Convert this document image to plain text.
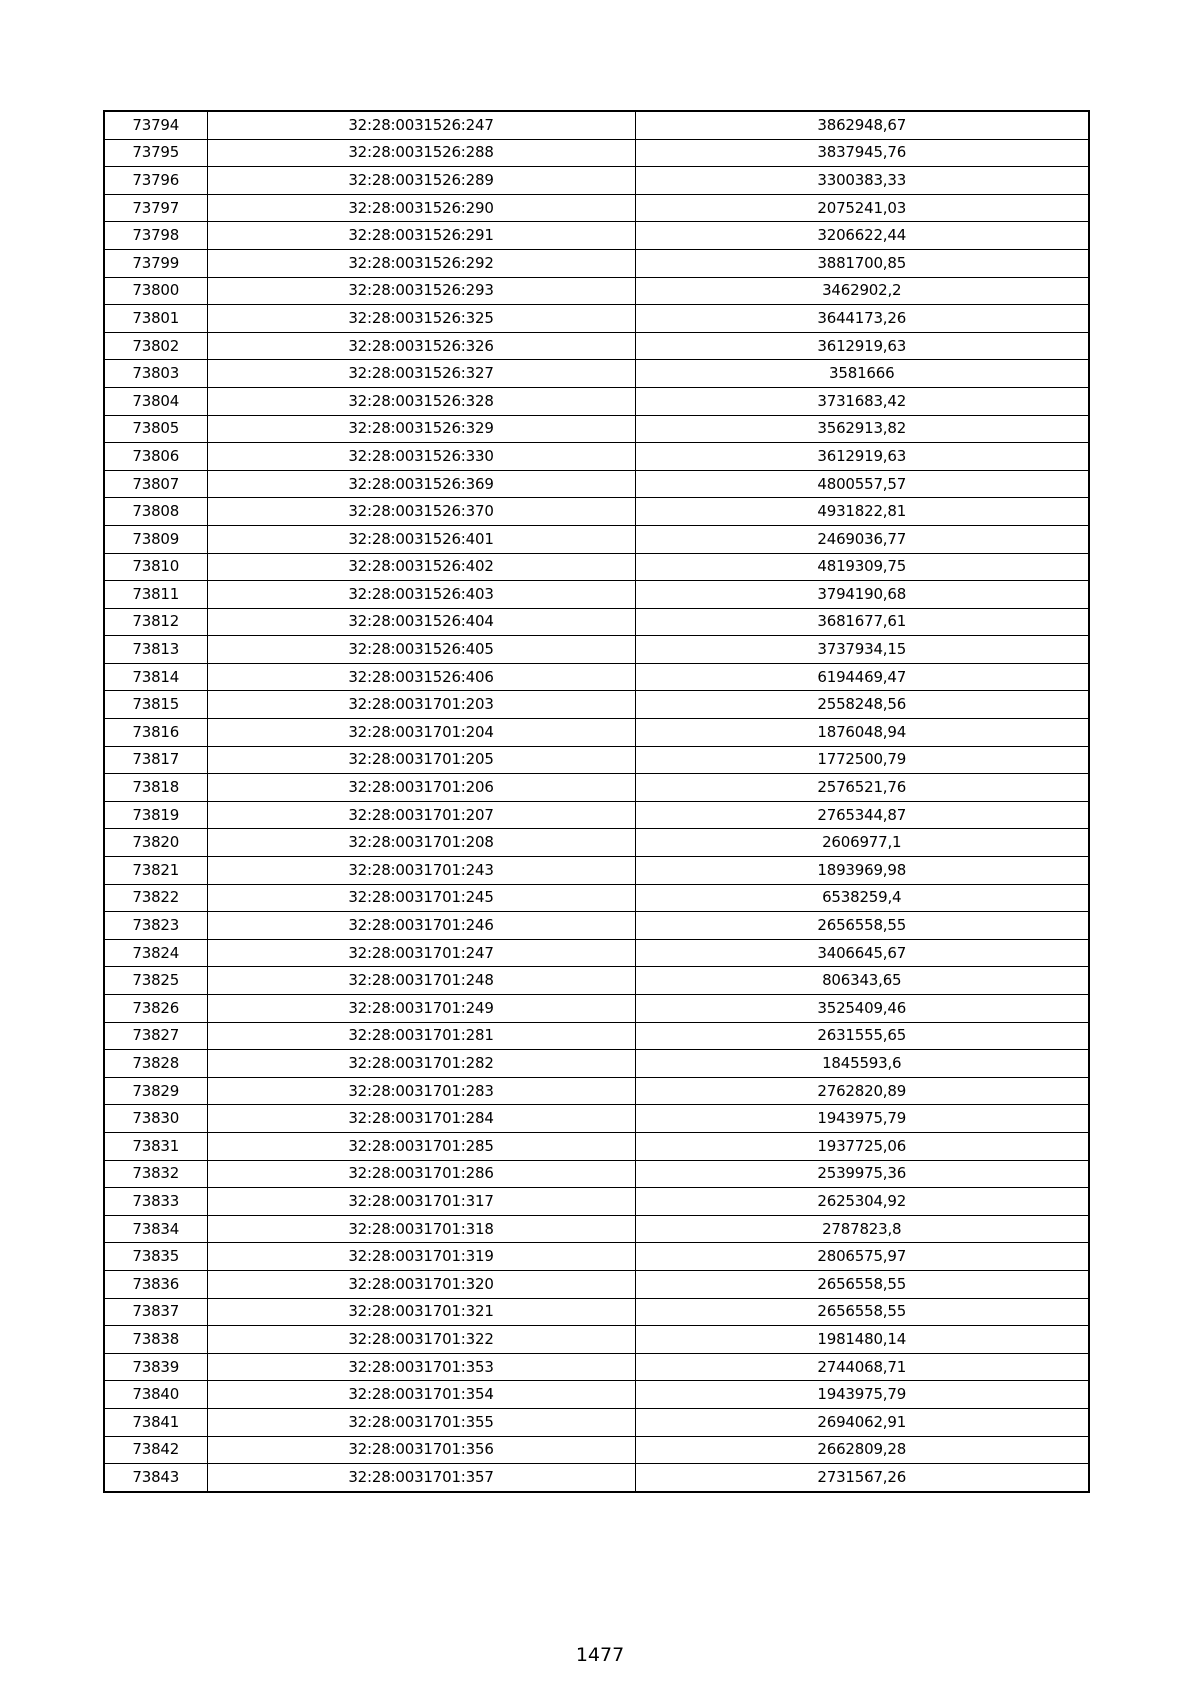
73794	32:28:0031526:247	3862948,67
73795	32:28:0031526:288	3837945,76
73796	32:28:0031526:289	3300383,33
73797	32:28:0031526:290	2075241,03
73798	32:28:0031526:291	3206622,44
73799	32:28:0031526:292	3881700,85
73800	32:28:0031526:293	3462902,2
73801	32:28:0031526:325	3644173,26
73802	32:28:0031526:326	3612919,63
73803	32:28:0031526:327	3581666
73804	32:28:0031526:328	3731683,42
73805	32:28:0031526:329	3562913,82
73806	32:28:0031526:330	3612919,63
73807	32:28:0031526:369	4800557,57
73808	32:28:0031526:370	4931822,81
73809	32:28:0031526:401	2469036,77
73810	32:28:0031526:402	4819309,75
73811	32:28:0031526:403	3794190,68
73812	32:28:0031526:404	3681677,61
73813	32:28:0031526:405	3737934,15
73814	32:28:0031526:406	6194469,47
73815	32:28:0031701:203	2558248,56
73816	32:28:0031701:204	1876048,94
73817	32:28:0031701:205	1772500,79
73818	32:28:0031701:206	2576521,76
73819	32:28:0031701:207	2765344,87
73820	32:28:0031701:208	2606977,1
73821	32:28:0031701:243	1893969,98
73822	32:28:0031701:245	6538259,4
73823	32:28:0031701:246	2656558,55
73824	32:28:0031701:247	3406645,67
73825	32:28:0031701:248	806343,65
73826	32:28:0031701:249	3525409,46
73827	32:28:0031701:281	2631555,65
73828	32:28:0031701:282	1845593,6
73829	32:28:0031701:283	2762820,89
73830	32:28:0031701:284	1943975,79
73831	32:28:0031701:285	1937725,06
73832	32:28:0031701:286	2539975,36
73833	32:28:0031701:317	2625304,92
73834	32:28:0031701:318	2787823,8
73835	32:28:0031701:319	2806575,97
73836	32:28:0031701:320	2656558,55
73837	32:28:0031701:321	2656558,55
73838	32:28:0031701:322	1981480,14
73839	32:28:0031701:353	2744068,71
73840	32:28:0031701:354	1943975,79
73841	32:28:0031701:355	2694062,91
73842	32:28:0031701:356	2662809,28
73843	32:28:0031701:357	2731567,26
1477
